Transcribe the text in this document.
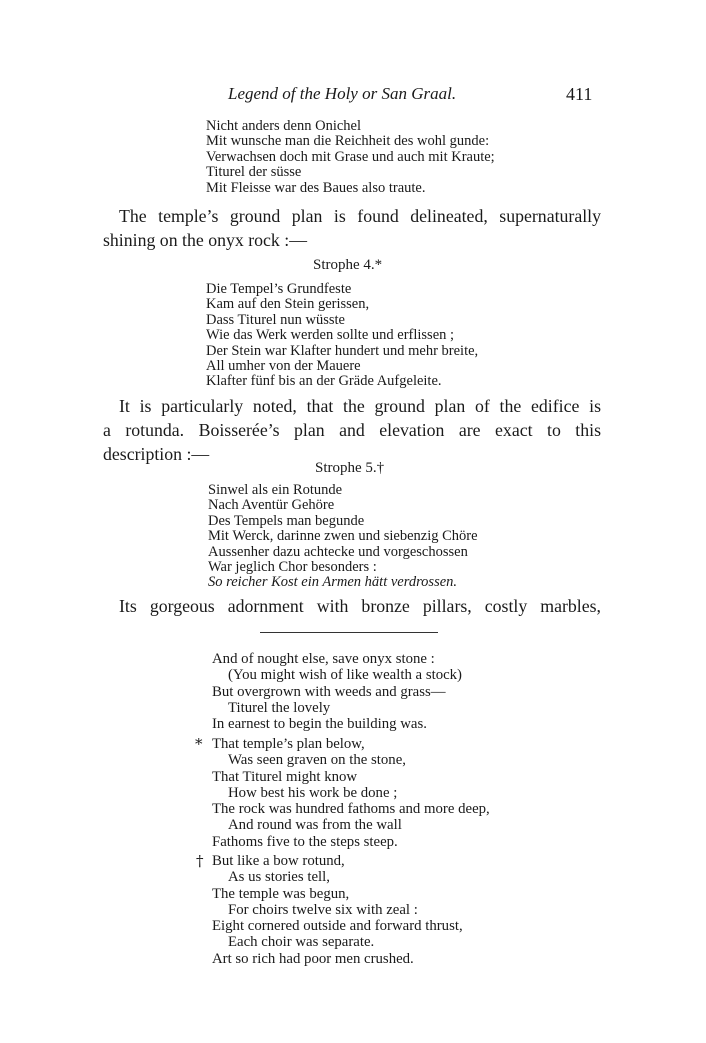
Legend of the Holy or San Graal.	411
Nicht anders denn Onichel
Mit wunsche man die Reichheit des wohl gunde:
Verwachsen doch mit Grase und auch mit Kraute;
Titurel der süsse
Mit Fleisse war des Baues also traute.
The temple’s ground plan is found delineated, supernaturally
shining on the onyx rock :—
Strophe 4.*
Die Tempel’s Grundfeste
Kam auf den Stein gerissen,
Dass Titurel nun wüsste
Wie das Werk werden sollte und erflissen ;
Der Stein war Klafter hundert und mehr breite,
All umher von der Mauere
Klafter fünf bis an der Gräde Aufgeleite.
It is particularly noted, that the ground plan of the edifice is
a rotunda. Boisserée’s plan and elevation are exact to this
description :—
Strophe 5.†
Sinwel als ein Rotunde
Nach Aventür Gehöre
Des Tempels man begunde
Mit Werck, darinne zwen und siebenzig Chöre
Aussenher dazu achtecke und vorgeschossen
War jeglich Chor besonders :
So reicher Kost ein Armen hätt verdrossen.
Its gorgeous adornment with bronze pillars, costly marbles,
And of nought else, save onyx stone :
(You might wish of like wealth a stock)
But overgrown with weeds and grass—
Titurel the lovely
In earnest to begin the building was.
* That temple’s plan below,
Was seen graven on the stone,
That Titurel might know
How best his work be done ;
The rock was hundred fathoms and more deep,
And round was from the wall
Fathoms five to the steps steep.
† But like a bow rotund,
As us stories tell,
The temple was begun,
For choirs twelve six with zeal :
Eight cornered outside and forward thrust,
Each choir was separate.
Art so rich had poor men crushed.
